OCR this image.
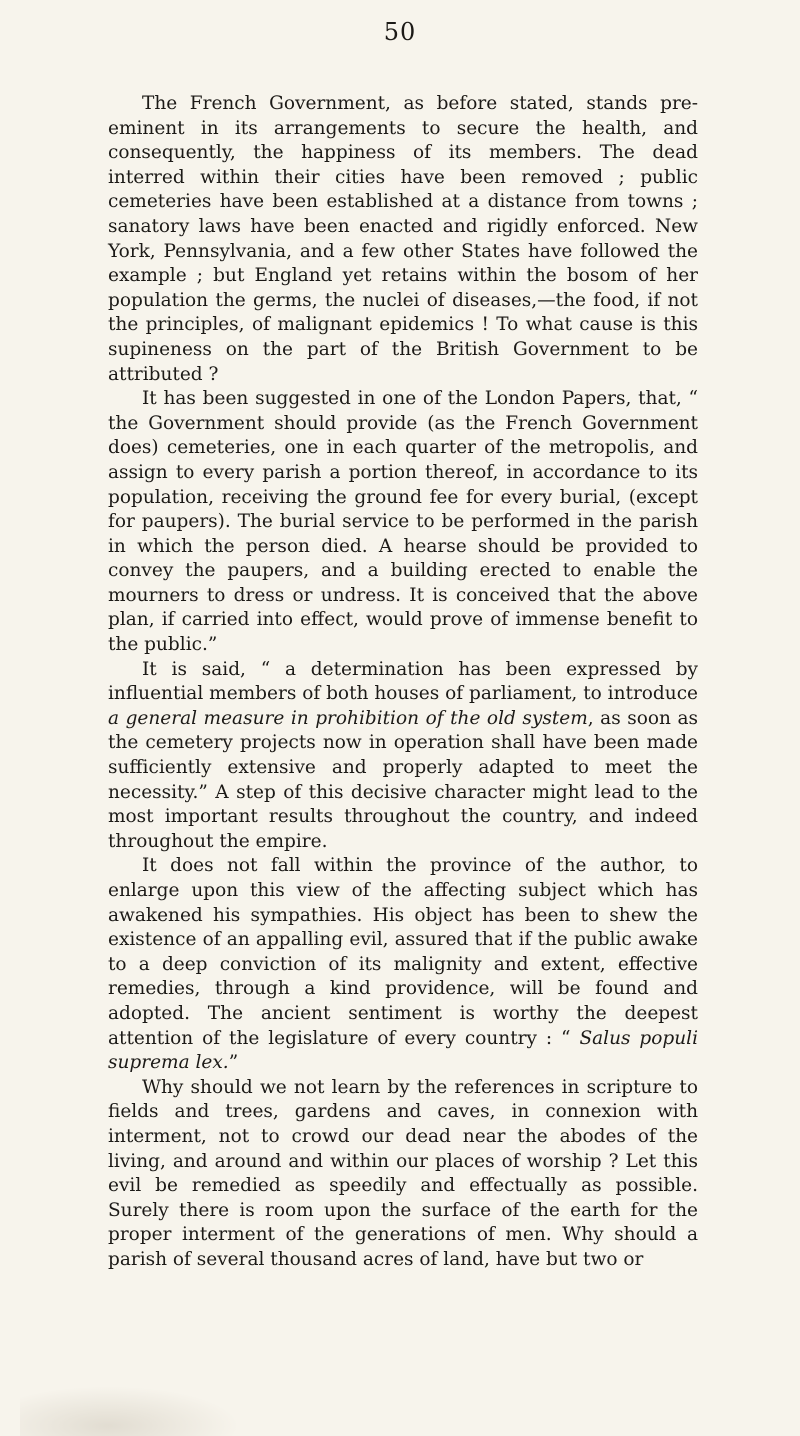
50

The French Government, as before stated, stands pre-eminent in its arrangements to secure the health, and consequently, the happiness of its members. The dead interred within their cities have been removed ; public cemeteries have been established at a distance from towns ; sanatory laws have been enacted and rigidly enforced. New York, Pennsylvania, and a few other States have followed the example ; but England yet retains within the bosom of her population the germs, the nuclei of diseases,—the food, if not the principles, of malignant epidemics ! To what cause is this supineness on the part of the British Government to be attributed ?

It has been suggested in one of the London Papers, that, “ the Government should provide (as the French Government does) cemeteries, one in each quarter of the metropolis, and assign to every parish a portion thereof, in accordance to its population, receiving the ground fee for every burial, (except for paupers). The burial service to be performed in the parish in which the person died. A hearse should be provided to convey the paupers, and a building erected to enable the mourners to dress or undress. It is conceived that the above plan, if carried into effect, would prove of immense benefit to the public.”

It is said, “ a determination has been expressed by influential members of both houses of parliament, to introduce a general measure in prohibition of the old system, as soon as the cemetery projects now in operation shall have been made sufficiently extensive and properly adapted to meet the necessity.” A step of this decisive character might lead to the most important results throughout the country, and indeed throughout the empire.

It does not fall within the province of the author, to enlarge upon this view of the affecting subject which has awakened his sympathies. His object has been to shew the existence of an appalling evil, assured that if the public awake to a deep conviction of its malignity and extent, effective remedies, through a kind providence, will be found and adopted. The ancient sentiment is worthy the deepest attention of the legislature of every country : “ Salus populi suprema lex.”

Why should we not learn by the references in scripture to fields and trees, gardens and caves, in connexion with interment, not to crowd our dead near the abodes of the living, and around and within our places of worship ? Let this evil be remedied as speedily and effectually as possible. Surely there is room upon the surface of the earth for the proper interment of the generations of men. Why should a parish of several thousand acres of land, have but two or
